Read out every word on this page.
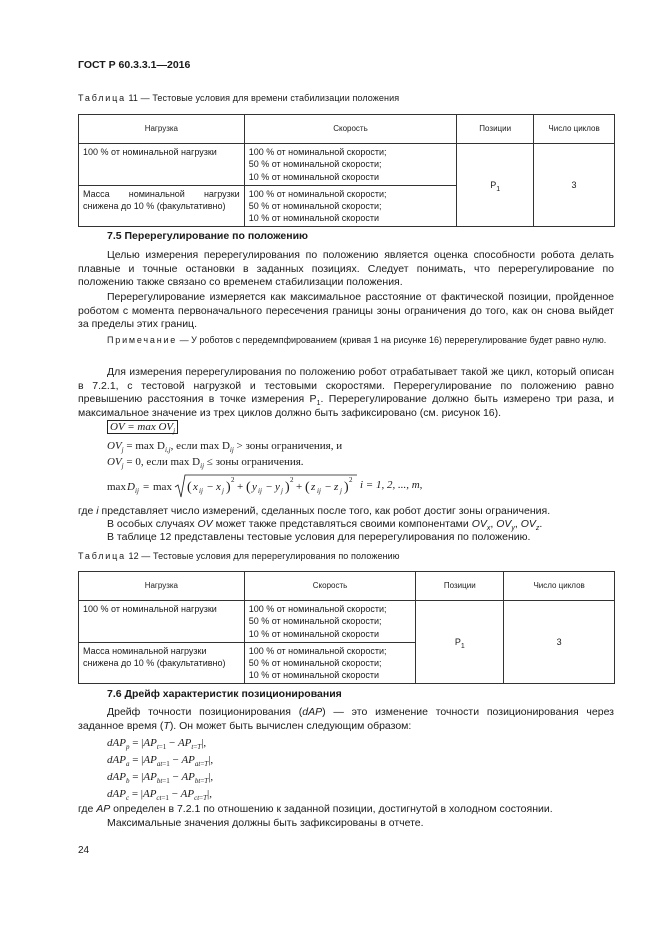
ГОСТ Р 60.3.3.1—2016
Таблица 11 — Тестовые условия для времени стабилизации положения
Нагрузка	Скорость	Позиции	Число циклов
100 % от номинальной нагрузки	100 % от номинальной скорости;
50 % от номинальной скорости;
10 % от номинальной скорости	$P_1$	3
Масса номинальной нагрузки снижена до 10 % (факультативно)	100 % от номинальной скорости;
50 % от номинальной скорости;
10 % от номинальной скорости		
7.5 Перерегулирование по положению

Целью измерения перерегулирования по положению является оценка способности робота делать плавные и точные остановки в заданных позициях. Следует понимать, что перерегулирование по положению также связано со временем стабилизации положения.

Перерегулирование измеряется как максимальное расстояние от фактической позиции, пройденное роботом с момента первоначального пересечения границы зоны ограничения до того, как он снова выйдет за пределы этих границ.

Примечание — У роботов с передемпфированием (кривая 1 на рисунке 16) перерегулирование будет равно нулю.

Для измерения перерегулирования по положению робот отрабатывает такой же цикл, который описан в 7.2.1, с тестовой нагрузкой и тестовыми скоростями. Перерегулирование по положению равно превышению расстояния в точке измерения $P_1$. Перерегулирование должно быть измерено три раза, и максимальное значение из трех циклов должно быть зафиксировано (см. рисунок 16).

OV = $\max OV_j$
$OV_j = \max D_{i,j}$, если $\max D_{ij}$ > зоны ограничения, и
$OV_j = 0$, если $\max D_{ij}$ ≤ зоны ограничения.
max D ij = max ( x ij − x j ) 2
+ ( y ij − y j ) 2
+ ( z ij − z j ) 2 i = 1, 2, ..., m,

где i представляет число измерений, сделанных после того, как робот достиг зоны ограничения.

В особых случаях OV может также представляться своими компонентами $OV_x$, $OV_y$, $OV_z$.

В таблице 12 представлены тестовые условия для перерегулирования по положению.

Таблица 12 — Тестовые условия для перерегулирования по положению
Нагрузка	Скорость	Позиции	Число циклов
100 % от номинальной нагрузки	100 % от номинальной скорости;
50 % от номинальной скорости;
10 % от номинальной скорости	$P_1$	3
Масса номинальной нагрузки снижена до 10 % (факультативно)	100 % от номинальной скорости;
50 % от номинальной скорости;
10 % от номинальной скорости		
7.6 Дрейф характеристик позиционирования

Дрейф точности позиционирования (dAP) — это изменение точности позиционирования через заданное время (T). Он может быть вычислен следующим образом:

$dAP_p = |AP_{t=1} - AP_{t=T}|$,
$dAP_a = |AP_{at=1} - AP_{at=T}|$,
$dAP_b = |AP_{bt=1} - AP_{bt=T}|$,
$dAP_c = |AP_{ct=1} - AP_{ct=T}|$,

где AP определен в 7.2.1 по отношению к заданной позиции, достигнутой в холодном состоянии.

Максимальные значения должны быть зафиксированы в отчете.

24
